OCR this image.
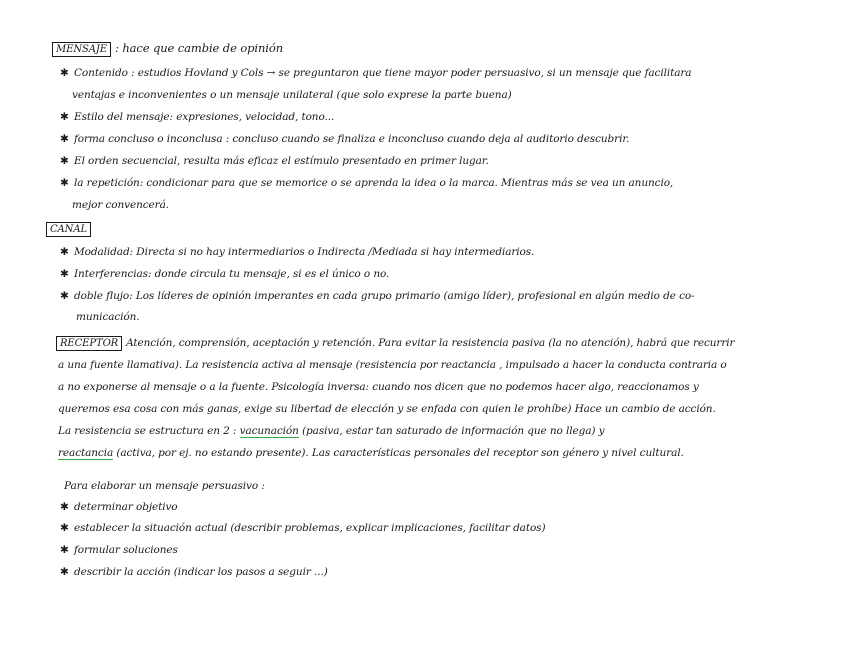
MENSAJE : hace que cambie de opinión
✱ Contenido : estudios Hovland y Cols → se preguntaron que tiene mayor poder persuasivo, si un mensaje que facilitara
ventajas e inconvenientes o un mensaje unilateral (que solo exprese la parte buena)
✱ Estilo del mensaje: expresiones, velocidad, tono...
✱ forma concluso o inconclusa : concluso cuando se finaliza e inconcluso cuando deja al auditorio descubrir.
✱ El orden secuencial, resulta más eficaz el estímulo presentado en primer lugar.
✱ la repetición: condicionar para que se memorice o se aprenda la idea o la marca. Mientras más se vea un anuncio,
mejor convencerá.
CANAL
✱ Modalidad: Directa si no hay intermediarios o Indirecta /Mediada si hay intermediarios.
✱ Interferencias: donde circula tu mensaje, si es el único o no.
✱ doble flujo: Los líderes de opinión imperantes en cada grupo primario (amigo líder), profesional en algún medio de co-
municación.
RECEPTOR Atención, comprensión, aceptación y retención. Para evitar la resistencia pasiva (la no atención), habrá que recurrir
a una fuente llamativa). La resistencia activa al mensaje (resistencia por reactancia , impulsado a hacer la conducta contraria o
a no exponerse al mensaje o a la fuente. Psicología inversa: cuando nos dicen que no podemos hacer algo, reaccionamos y
queremos esa cosa con más ganas, exige su libertad de elección y se enfada con quien le prohíbe) Hace un cambio de acción.
La resistencia se estructura en 2 : vacunación (pasiva, estar tan saturado de información que no llega) y
reactancia (activa, por ej. no estando presente). Las características personales del receptor son género y nivel cultural.
Para elaborar un mensaje persuasivo :
✱ determinar objetivo
✱ establecer la situación actual (describir problemas, explicar implicaciones, facilitar datos)
✱ formular soluciones
✱ describir la acción (indicar los pasos a seguir ...)
